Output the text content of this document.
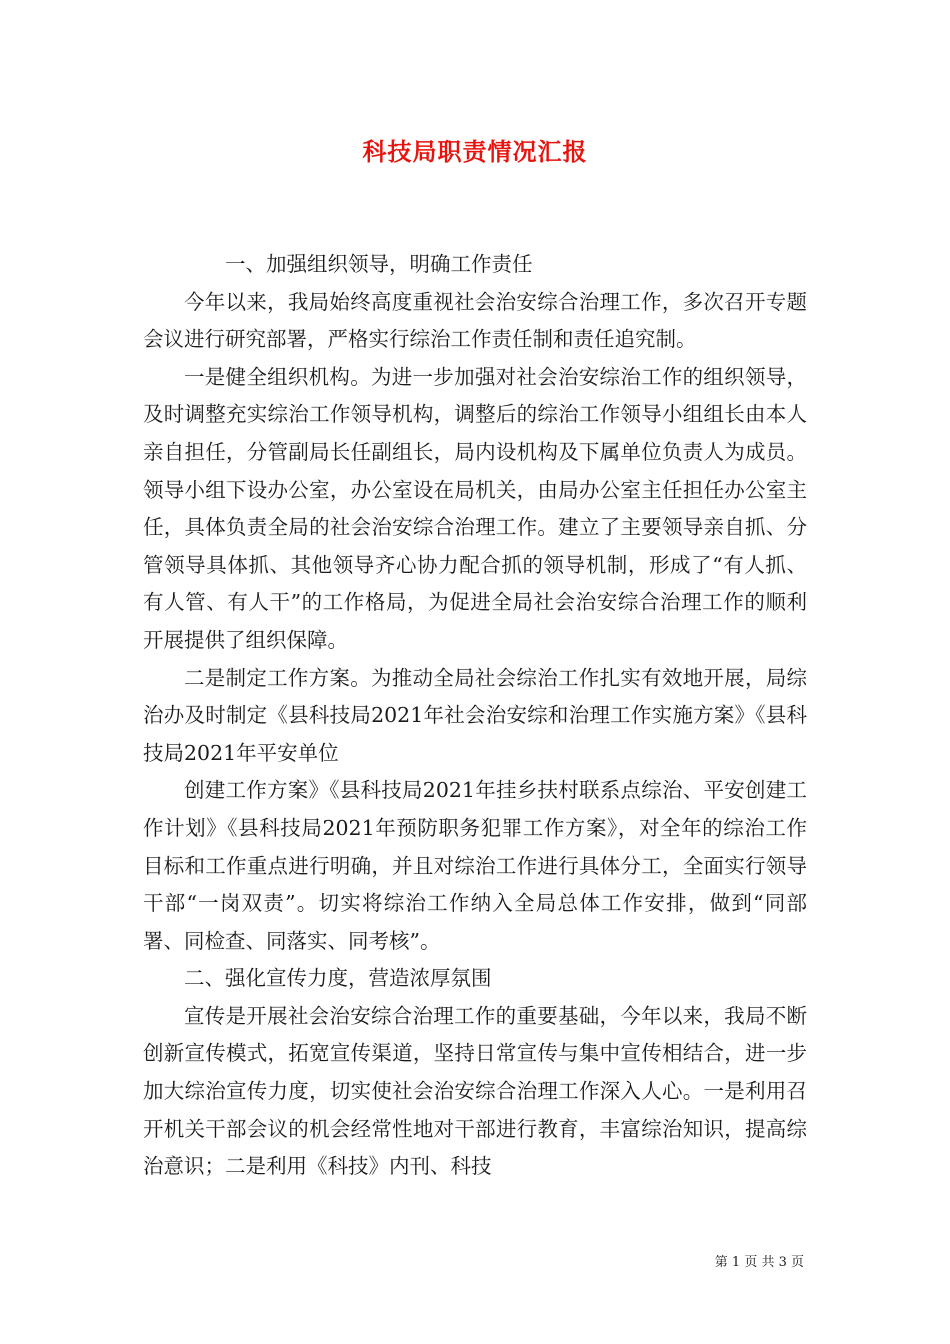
科技局职责情况汇报

一、加强组织领导，明确工作责任

今年以来，我局始终高度重视社会治安综合治理工作，多次召开专题会议进行研究部署，严格实行综治工作责任制和责任追究制。

一是健全组织机构。为进一步加强对社会治安综治工作的组织领导，及时调整充实综治工作领导机构，调整后的综治工作领导小组组长由本人亲自担任，分管副局长任副组长，局内设机构及下属单位负责人为成员。领导小组下设办公室，办公室设在局机关，由局办公室主任担任办公室主任，具体负责全局的社会治安综合治理工作。建立了主要领导亲自抓、分管领导具体抓、其他领导齐心协力配合抓的领导机制，形成了“有人抓、有人管、有人干”的工作格局，为促进全局社会治安综合治理工作的顺利开展提供了组织保障。

二是制定工作方案。为推动全局社会综治工作扎实有效地开展，局综治办及时制定《县科技局2021年社会治安综和治理工作实施方案》《县科技局2021年平安单位

创建工作方案》《县科技局2021年挂乡扶村联系点综治、平安创建工作计划》《县科技局2021年预防职务犯罪工作方案》，对全年的综治工作目标和工作重点进行明确，并且对综治工作进行具体分工，全面实行领导干部“一岗双责”。切实将综治工作纳入全局总体工作安排，做到“同部署、同检查、同落实、同考核”。

二、强化宣传力度，营造浓厚氛围

宣传是开展社会治安综合治理工作的重要基础，今年以来，我局不断创新宣传模式，拓宽宣传渠道，坚持日常宣传与集中宣传相结合，进一步加大综治宣传力度，切实使社会治安综合治理工作深入人心。一是利用召开机关干部会议的机会经常性地对干部进行教育，丰富综治知识，提高综治意识；二是利用《科技》内刊、科技

第 1 页 共 3 页
